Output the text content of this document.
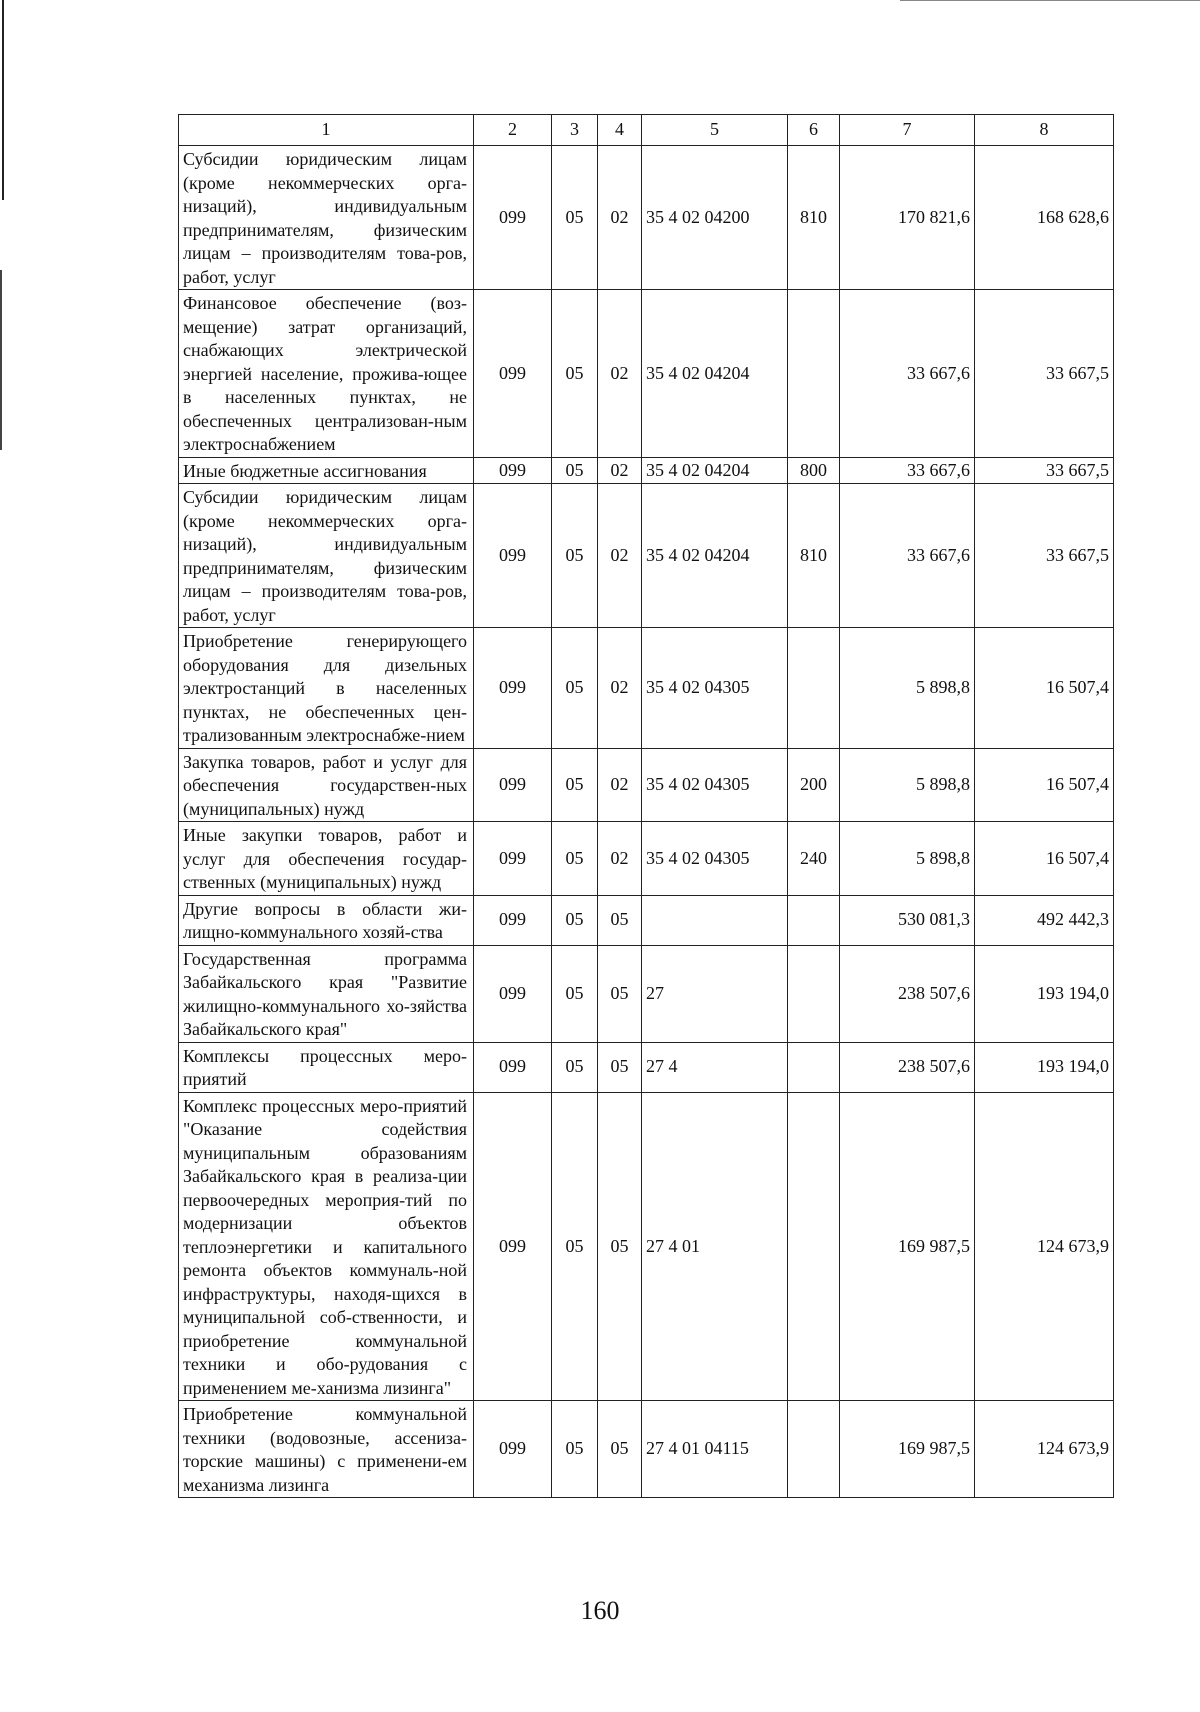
1	2	3	4	5	6	7	8
Субсидии юридическим лицам (кроме некоммерческих орга-низаций), индивидуальным предпринимателям, физическим лицам – производителям това-ров, работ, услуг	099	05	02	35 4 02 04200	810	170 821,6	168 628,6
Финансовое обеспечение (воз-мещение) затрат организаций, снабжающих электрической энергией население, прожива-ющее в населенных пунктах, не обеспеченных централизован-ным электроснабжением	099	05	02	35 4 02 04204		33 667,6	33 667,5
Иные бюджетные ассигнования	099	05	02	35 4 02 04204	800	33 667,6	33 667,5
Субсидии юридическим лицам (кроме некоммерческих орга-низаций), индивидуальным предпринимателям, физическим лицам – производителям това-ров, работ, услуг	099	05	02	35 4 02 04204	810	33 667,6	33 667,5
Приобретение генерирующего оборудования для дизельных электростанций в населенных пунктах, не обеспеченных цен-трализованным электроснабже-нием	099	05	02	35 4 02 04305		5 898,8	16 507,4
Закупка товаров, работ и услуг для обеспечения государствен-ных (муниципальных) нужд	099	05	02	35 4 02 04305	200	5 898,8	16 507,4
Иные закупки товаров, работ и услуг для обеспечения государ-ственных (муниципальных) нужд	099	05	02	35 4 02 04305	240	5 898,8	16 507,4
Другие вопросы в области жи-лищно-коммунального хозяй-ства	099	05	05			530 081,3	492 442,3
Государственная программа Забайкальского края "Развитие жилищно-коммунального хо-зяйства Забайкальского края"	099	05	05	27		238 507,6	193 194,0
Комплексы процессных меро-приятий	099	05	05	27 4		238 507,6	193 194,0
Комплекс процессных меро-приятий "Оказание содействия муниципальным образованиям Забайкальского края в реализа-ции первоочередных мероприя-тий по модернизации объектов теплоэнергетики и капитального ремонта объектов коммуналь-ной инфраструктуры, находя-щихся в муниципальной соб-ственности, и приобретение коммунальной техники и обо-рудования с применением ме-ханизма лизинга"	099	05	05	27 4 01		169 987,5	124 673,9
Приобретение коммунальной техники (водовозные, ассениза-торские машины) с применени-ем механизма лизинга	099	05	05	27 4 01 04115		169 987,5	124 673,9
160
